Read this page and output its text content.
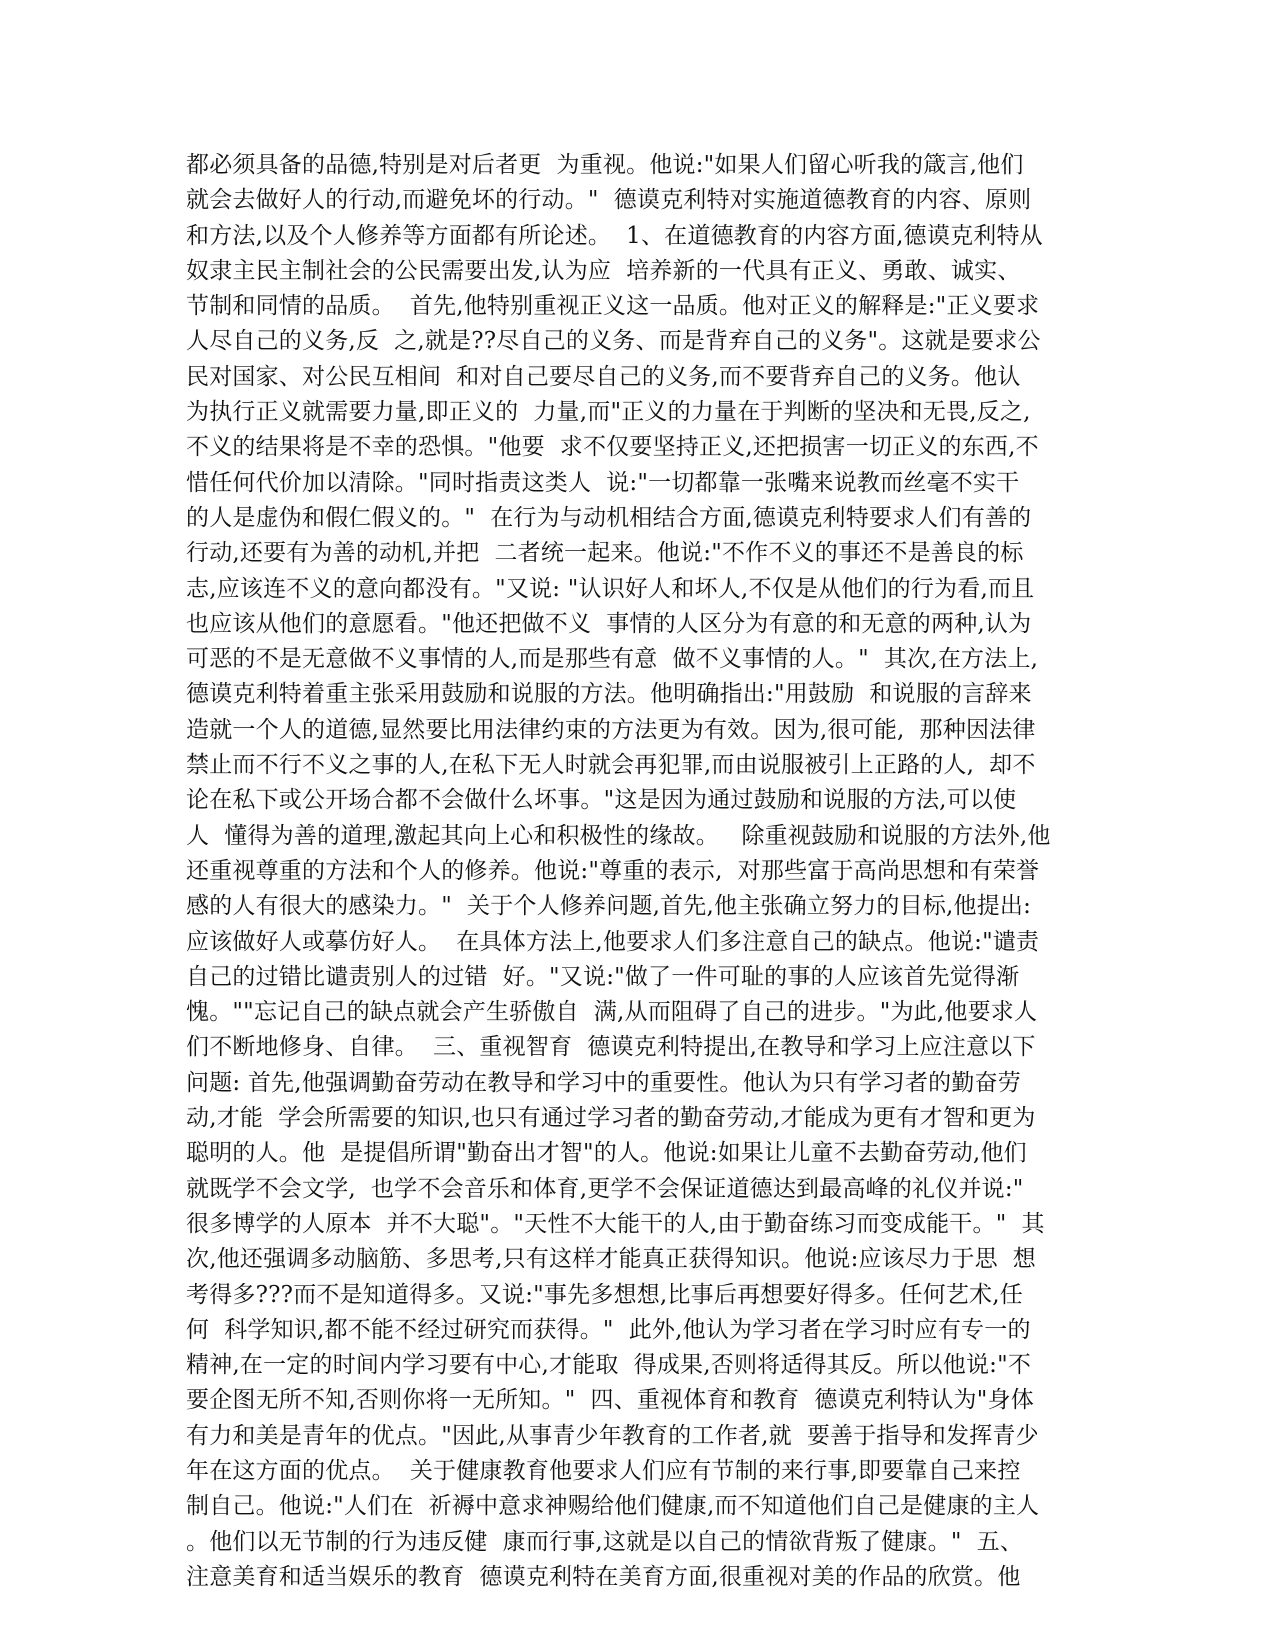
都必须具备的品德,特别是对后者更  为重视。他说:"如果人们留心听我的箴言,他们
就会去做好人的行动,而避免坏的行动。"  德谟克利特对实施道德教育的内容、原则
和方法,以及个人修养等方面都有所论述。  1、在道德教育的内容方面,德谟克利特从
奴隶主民主制社会的公民需要出发,认为应  培养新的一代具有正义、勇敢、诚实、
节制和同情的品质。  首先,他特别重视正义这一品质。他对正义的解释是:"正义要求
人尽自己的义务,反  之,就是??尽自己的义务、而是背弃自己的义务"。这就是要求公
民对国家、对公民互相间  和对自己要尽自己的义务,而不要背弃自己的义务。他认
为执行正义就需要力量,即正义的  力量,而"正义的力量在于判断的坚决和无畏,反之,
不义的结果将是不幸的恐惧。"他要  求不仅要坚持正义,还把损害一切正义的东西,不
惜任何代价加以清除。"同时指责这类人  说:"一切都靠一张嘴来说教而丝毫不实干
的人是虚伪和假仁假义的。"  在行为与动机相结合方面,德谟克利特要求人们有善的
行动,还要有为善的动机,并把  二者统一起来。他说:"不作不义的事还不是善良的标
志,应该连不义的意向都没有。"又说: "认识好人和坏人,不仅是从他们的行为看,而且
也应该从他们的意愿看。"他还把做不义  事情的人区分为有意的和无意的两种,认为
可恶的不是无意做不义事情的人,而是那些有意  做不义事情的人。"  其次,在方法上,
德谟克利特着重主张采用鼓励和说服的方法。他明确指出:"用鼓励  和说服的言辞来
造就一个人的道德,显然要比用法律约束的方法更为有效。因为,很可能,  那种因法律
禁止而不行不义之事的人,在私下无人时就会再犯罪,而由说服被引上正路的人,  却不
论在私下或公开场合都不会做什么坏事。"这是因为通过鼓励和说服的方法,可以使
人  懂得为善的道理,激起其向上心和积极性的缘故。   除重视鼓励和说服的方法外,他
还重视尊重的方法和个人的修养。他说:"尊重的表示,  对那些富于高尚思想和有荣誉
感的人有很大的感染力。"  关于个人修养问题,首先,他主张确立努力的目标,他提出:
应该做好人或摹仿好人。  在具体方法上,他要求人们多注意自己的缺点。他说:"谴责
自己的过错比谴责别人的过错  好。"又说:"做了一件可耻的事的人应该首先觉得渐
愧。""忘记自己的缺点就会产生骄傲自  满,从而阻碍了自己的进步。"为此,他要求人
们不断地修身、自律。  三、重视智育  德谟克利特提出,在教导和学习上应注意以下
问题: 首先,他强调勤奋劳动在教导和学习中的重要性。他认为只有学习者的勤奋劳
动,才能  学会所需要的知识,也只有通过学习者的勤奋劳动,才能成为更有才智和更为
聪明的人。他  是提倡所谓"勤奋出才智"的人。他说:如果让儿童不去勤奋劳动,他们
就既学不会文学,  也学不会音乐和体育,更学不会保证道德达到最高峰的礼仪并说:"
很多博学的人原本  并不大聪"。"天性不大能干的人,由于勤奋练习而变成能干。"  其
次,他还强调多动脑筋、多思考,只有这样才能真正获得知识。他说:应该尽力于思  想
考得多???而不是知道得多。又说:"事先多想想,比事后再想要好得多。任何艺术,任
何  科学知识,都不能不经过研究而获得。"  此外,他认为学习者在学习时应有专一的
精神,在一定的时间内学习要有中心,才能取  得成果,否则将适得其反。所以他说:"不
要企图无所不知,否则你将一无所知。"  四、重视体育和教育  德谟克利特认为"身体
有力和美是青年的优点。"因此,从事青少年教育的工作者,就  要善于指导和发挥青少
年在这方面的优点。  关于健康教育他要求人们应有节制的来行事,即要靠自己来控
制自己。他说:"人们在  祈褥中意求神赐给他们健康,而不知道他们自己是健康的主人
。他们以无节制的行为违反健  康而行事,这就是以自己的情欲背叛了健康。"  五、
注意美育和适当娱乐的教育  德谟克利特在美育方面,很重视对美的作品的欣赏。他
